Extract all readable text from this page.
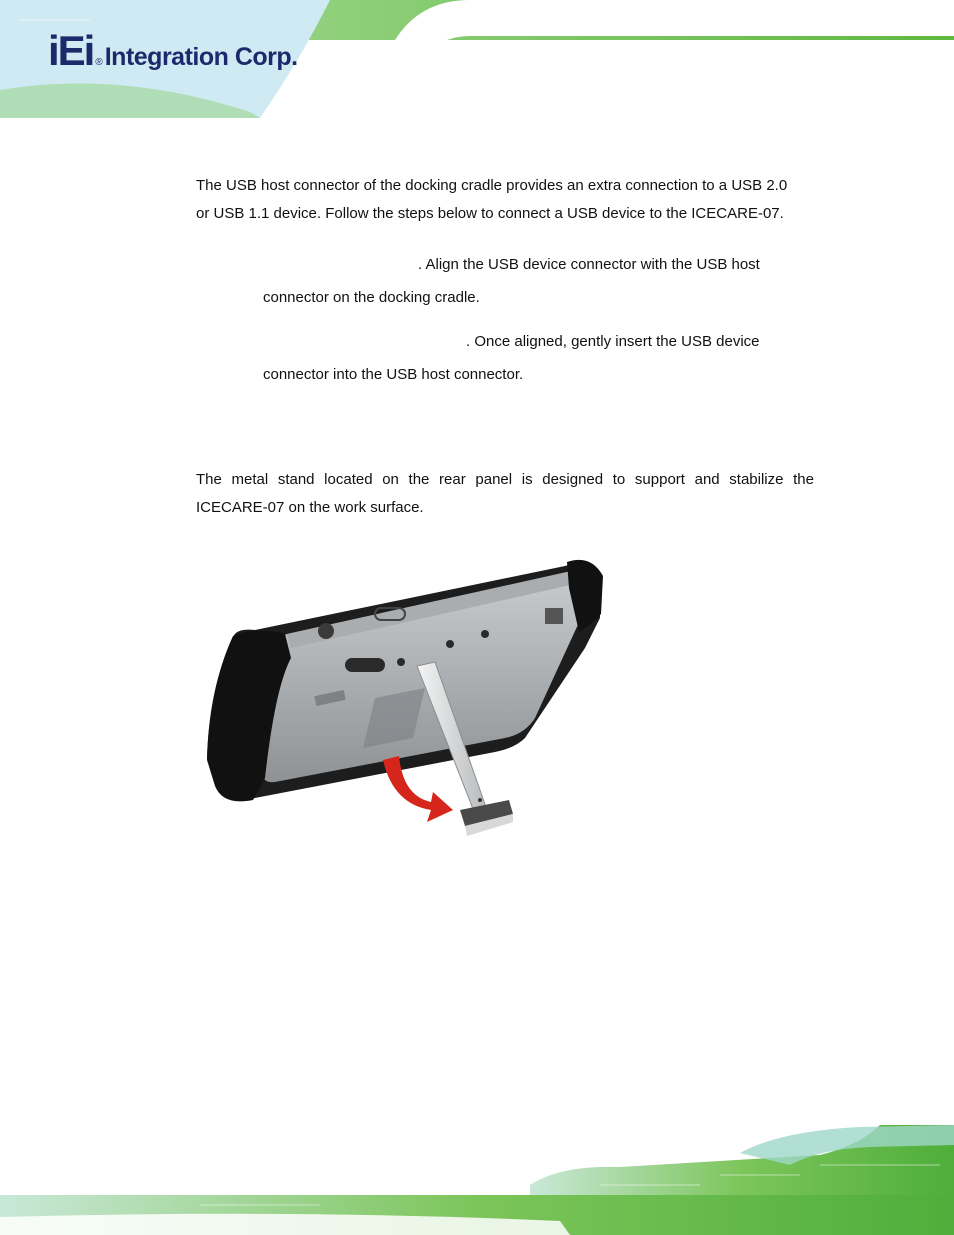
iEi ® Integration Corp.

The USB host connector of the docking cradle provides an extra connection to a USB 2.0
or USB 1.1 device. Follow the steps below to connect a USB device to the ICECARE-07.

. Align the USB device connector with the USB host
connector on the docking cradle.
. Once aligned, gently insert the USB device
connector into the USB host connector.

The metal stand located on the rear panel is designed to support and stabilize the
ICECARE-07 on the work surface.
